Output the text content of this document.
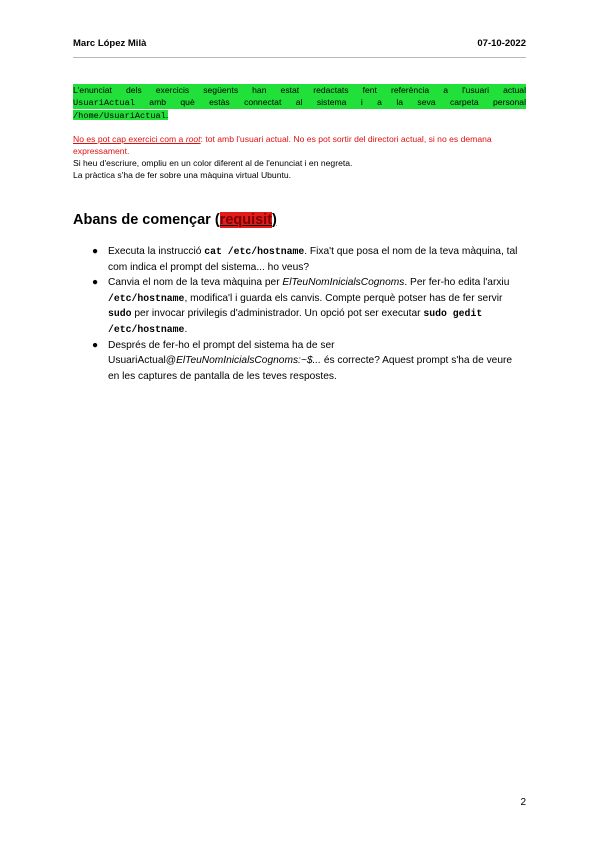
Marc López Milà	07-10-2022
L'enunciat dels exercicis següents han estat redactats fent referència a l'usuari actual
UsuariActual amb què estàs connectat al sistema i a la seva carpeta personal
/home/UsuariActual.
No es pot cap exercici com a root: tot amb l'usuari actual. No es pot sortir del directori actual, si no es demana expressament.
Si heu d'escriure, ompliu en un color diferent al de l'enunciat i en negreta.
La pràctica s'ha de fer sobre una màquina virtual Ubuntu.
Abans de començar (requisit)
● Executa la instrucció cat /etc/hostname. Fixa't que posa el nom de la teva màquina, tal com indica el prompt del sistema... ho veus?
● Canvia el nom de la teva màquina per ElTeuNomInicialsCognoms. Per fer-ho edita l'arxiu /etc/hostname, modifica'l i guarda els canvis. Compte perquè potser has de fer servir sudo per invocar privilegis d'administrador. Un opció pot ser executar sudo gedit /etc/hostname.
● Després de fer-ho el prompt del sistema ha de ser UsuariActual@ElTeuNomInicialsCognoms:~$... és correcte? Aquest prompt s'ha de veure en les captures de pantalla de les teves respostes.
2
